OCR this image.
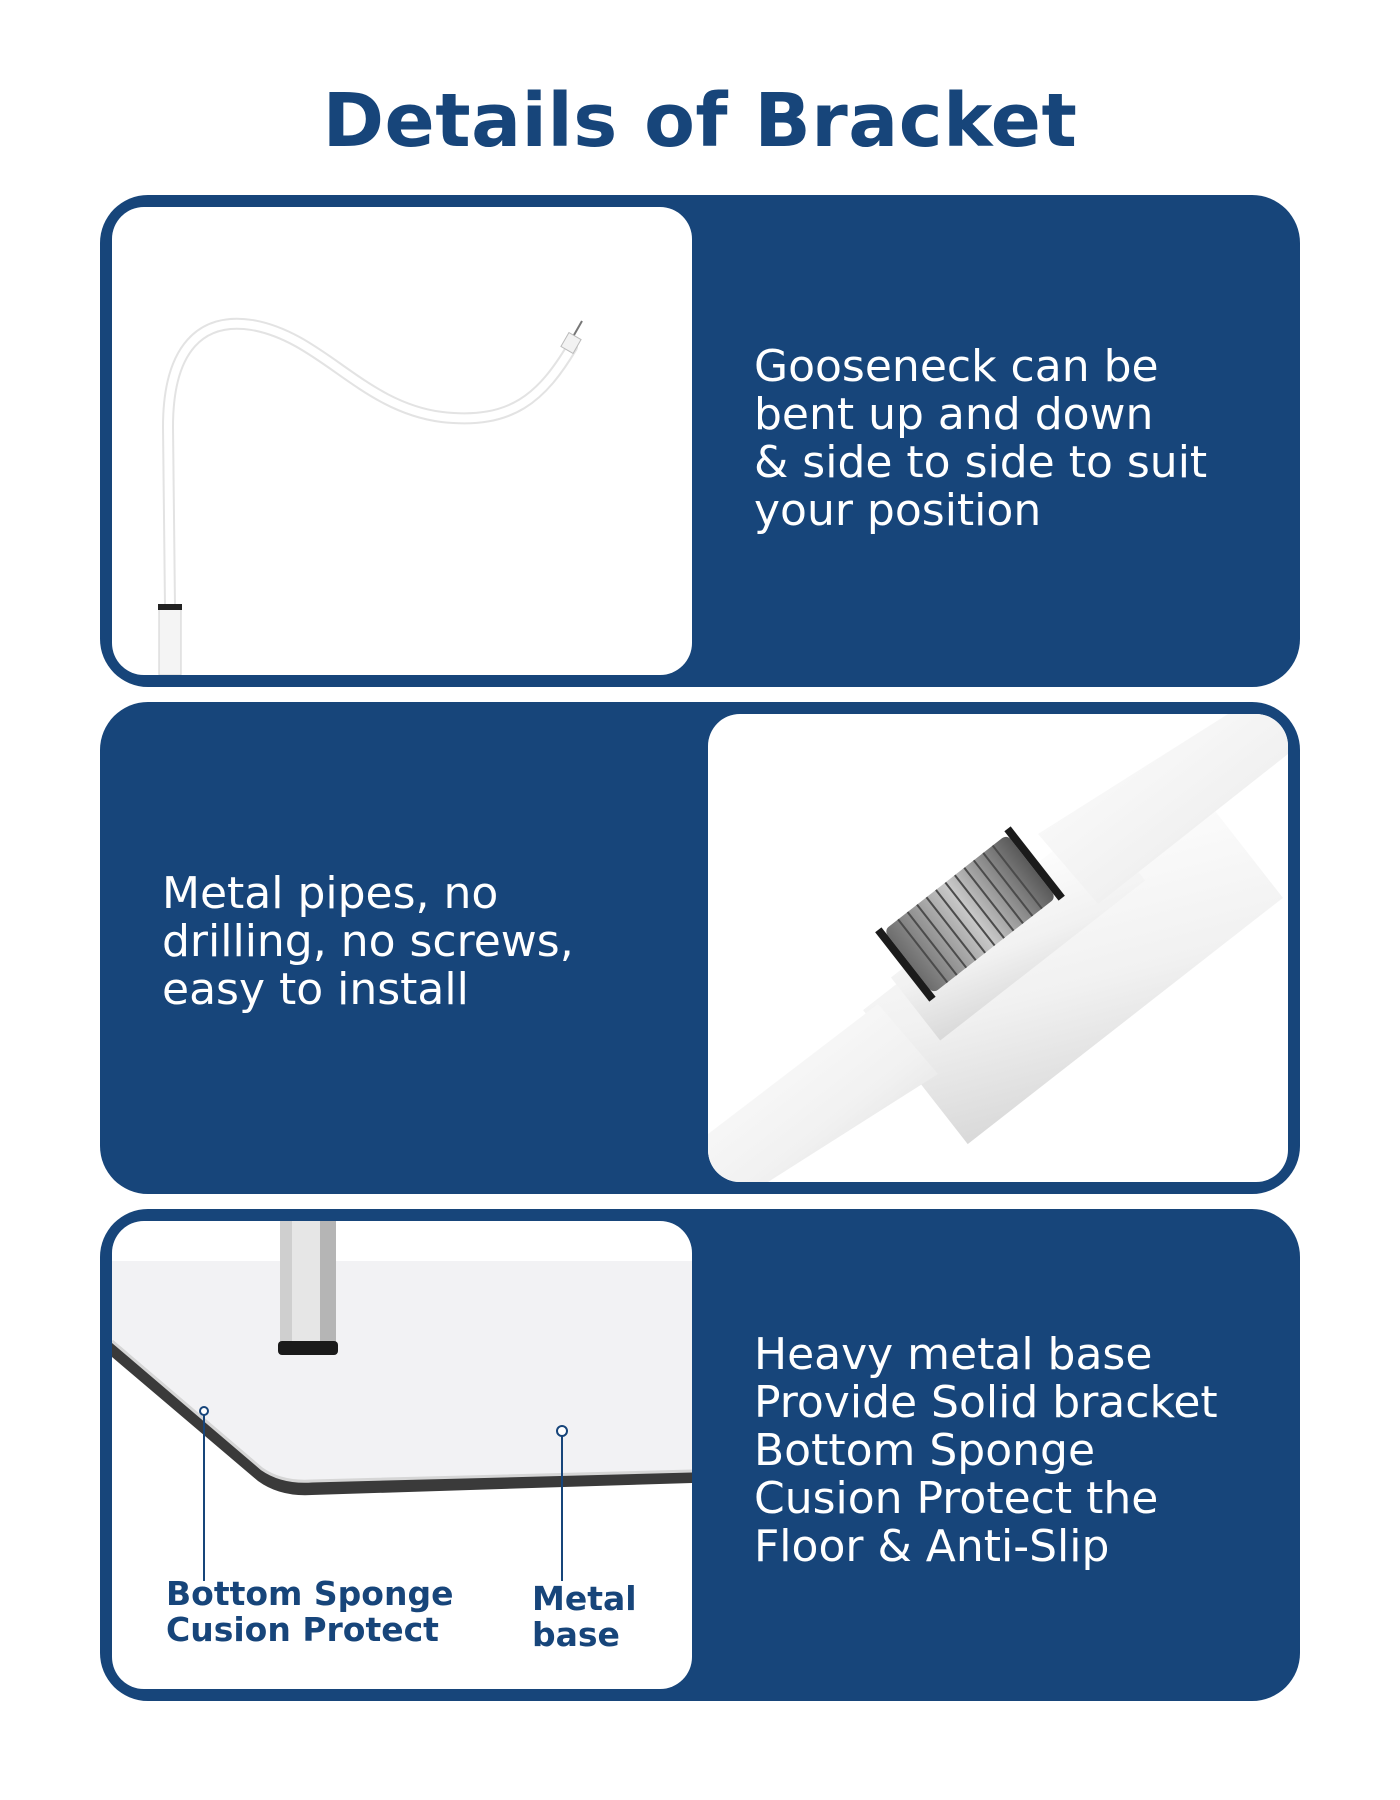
Details of Bracket
Gooseneck can be
bent up and down
& side to side to suit
your position
Metal pipes, no
drilling, no screws,
easy to install
Bottom Sponge
Cusion Protect
Metal
base
Heavy metal base
Provide Solid bracket
Bottom Sponge
Cusion Protect the
Floor & Anti-Slip
